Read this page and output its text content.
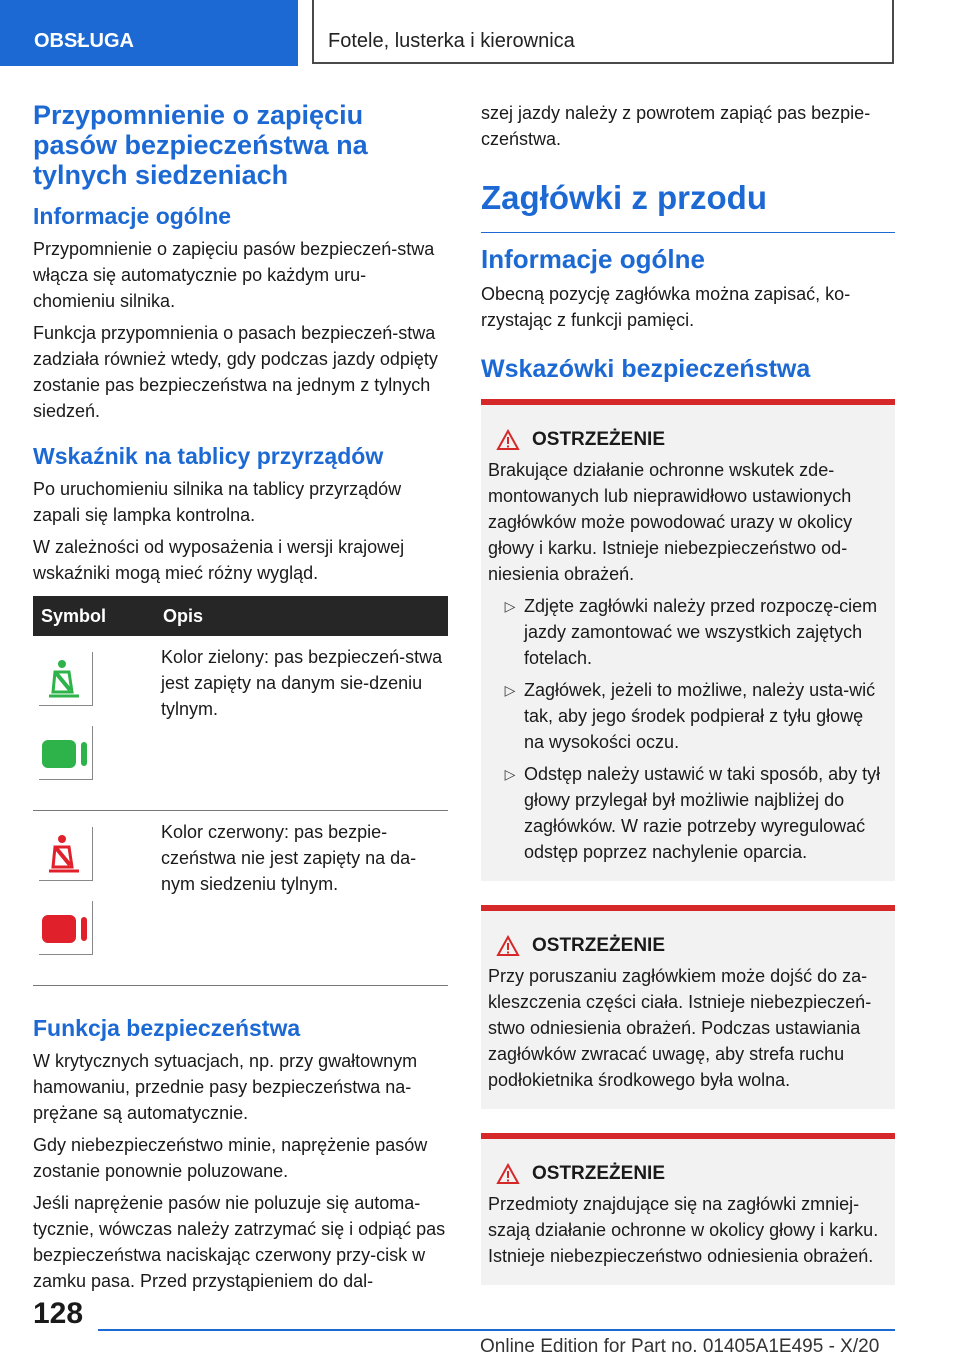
OBSŁUGA	Fotele, lusterka i kierownica
Przypomnienie o zapięciu pasów bezpieczeństwa na tylnych siedzeniach
Informacje ogólne

Przypomnienie o zapięciu pasów bezpieczeń-stwa włącza się automatycznie po każdym uru-chomieniu silnika.

Funkcja przypomnienia o pasach bezpieczeń-stwa zadziała również wtedy, gdy podczas jazdy odpięty zostanie pas bezpieczeństwa na jednym z tylnych siedzeń.

Wskaźnik na tablicy przyrządów

Po uruchomieniu silnika na tablicy przyrządów zapali się lampka kontrolna.

W zależności od wyposażenia i wersji krajowej wskaźniki mogą mieć różny wygląd.

Symbol	Opis

	Kolor zielony: pas bezpieczeń-stwa jest zapięty na danym sie-dzeniu tylnym.

	Kolor czerwony: pas bezpie-czeństwa nie jest zapięty na da-nym siedzeniu tylnym.
Funkcja bezpieczeństwa

W krytycznych sytuacjach, np. przy gwałtownym hamowaniu, przednie pasy bezpieczeństwa na-prężane są automatycznie.

Gdy niebezpieczeństwo minie, naprężenie pasów zostanie ponownie poluzowane.

Jeśli naprężenie pasów nie poluzuje się automa-tycznie, wówczas należy zatrzymać się i odpiąć pas bezpieczeństwa naciskając czerwony przy-cisk w zamku pasa. Przed przystąpieniem do dal-

szej jazdy należy z powrotem zapiąć pas bezpie-czeństwa.

Zagłówki z przodu
Informacje ogólne

Obecną pozycję zagłówka można zapisać, ko-rzystając z funkcji pamięci.

Wskazówki bezpieczeństwa
OSTRZEŻENIE

Brakujące działanie ochronne wskutek zde-montowanych lub nieprawidłowo ustawionych zagłówków może powodować urazy w okolicy głowy i karku. Istnieje niebezpieczeństwo od-niesienia obrażeń.

▷ Zdjęte zagłówki należy przed rozpoczę-ciem jazdy zamontować we wszystkich zajętych fotelach.
▷ Zagłówek, jeżeli to możliwe, należy usta-wić tak, aby jego środek podpierał z tyłu głowę na wysokości oczu.
▷ Odstęp należy ustawić w taki sposób, aby tył głowy przylegał był możliwie najbliżej do zagłówków. W razie potrzeby wyregulować odstęp poprzez nachylenie oparcia.
OSTRZEŻENIE

Przy poruszaniu zagłówkiem może dojść do za-kleszczenia części ciała. Istnieje niebezpieczeń-stwo odniesienia obrażeń. Podczas ustawiania zagłówków zwracać uwagę, aby strefa ruchu podłokietnika środkowego była wolna.

OSTRZEŻENIE

Przedmioty znajdujące się na zagłówki zmniej-szają działanie ochronne w okolicy głowy i karku. Istnieje niebezpieczeństwo odniesienia obrażeń.

128
Online Edition for Part no. 01405A1E495 - X/20
